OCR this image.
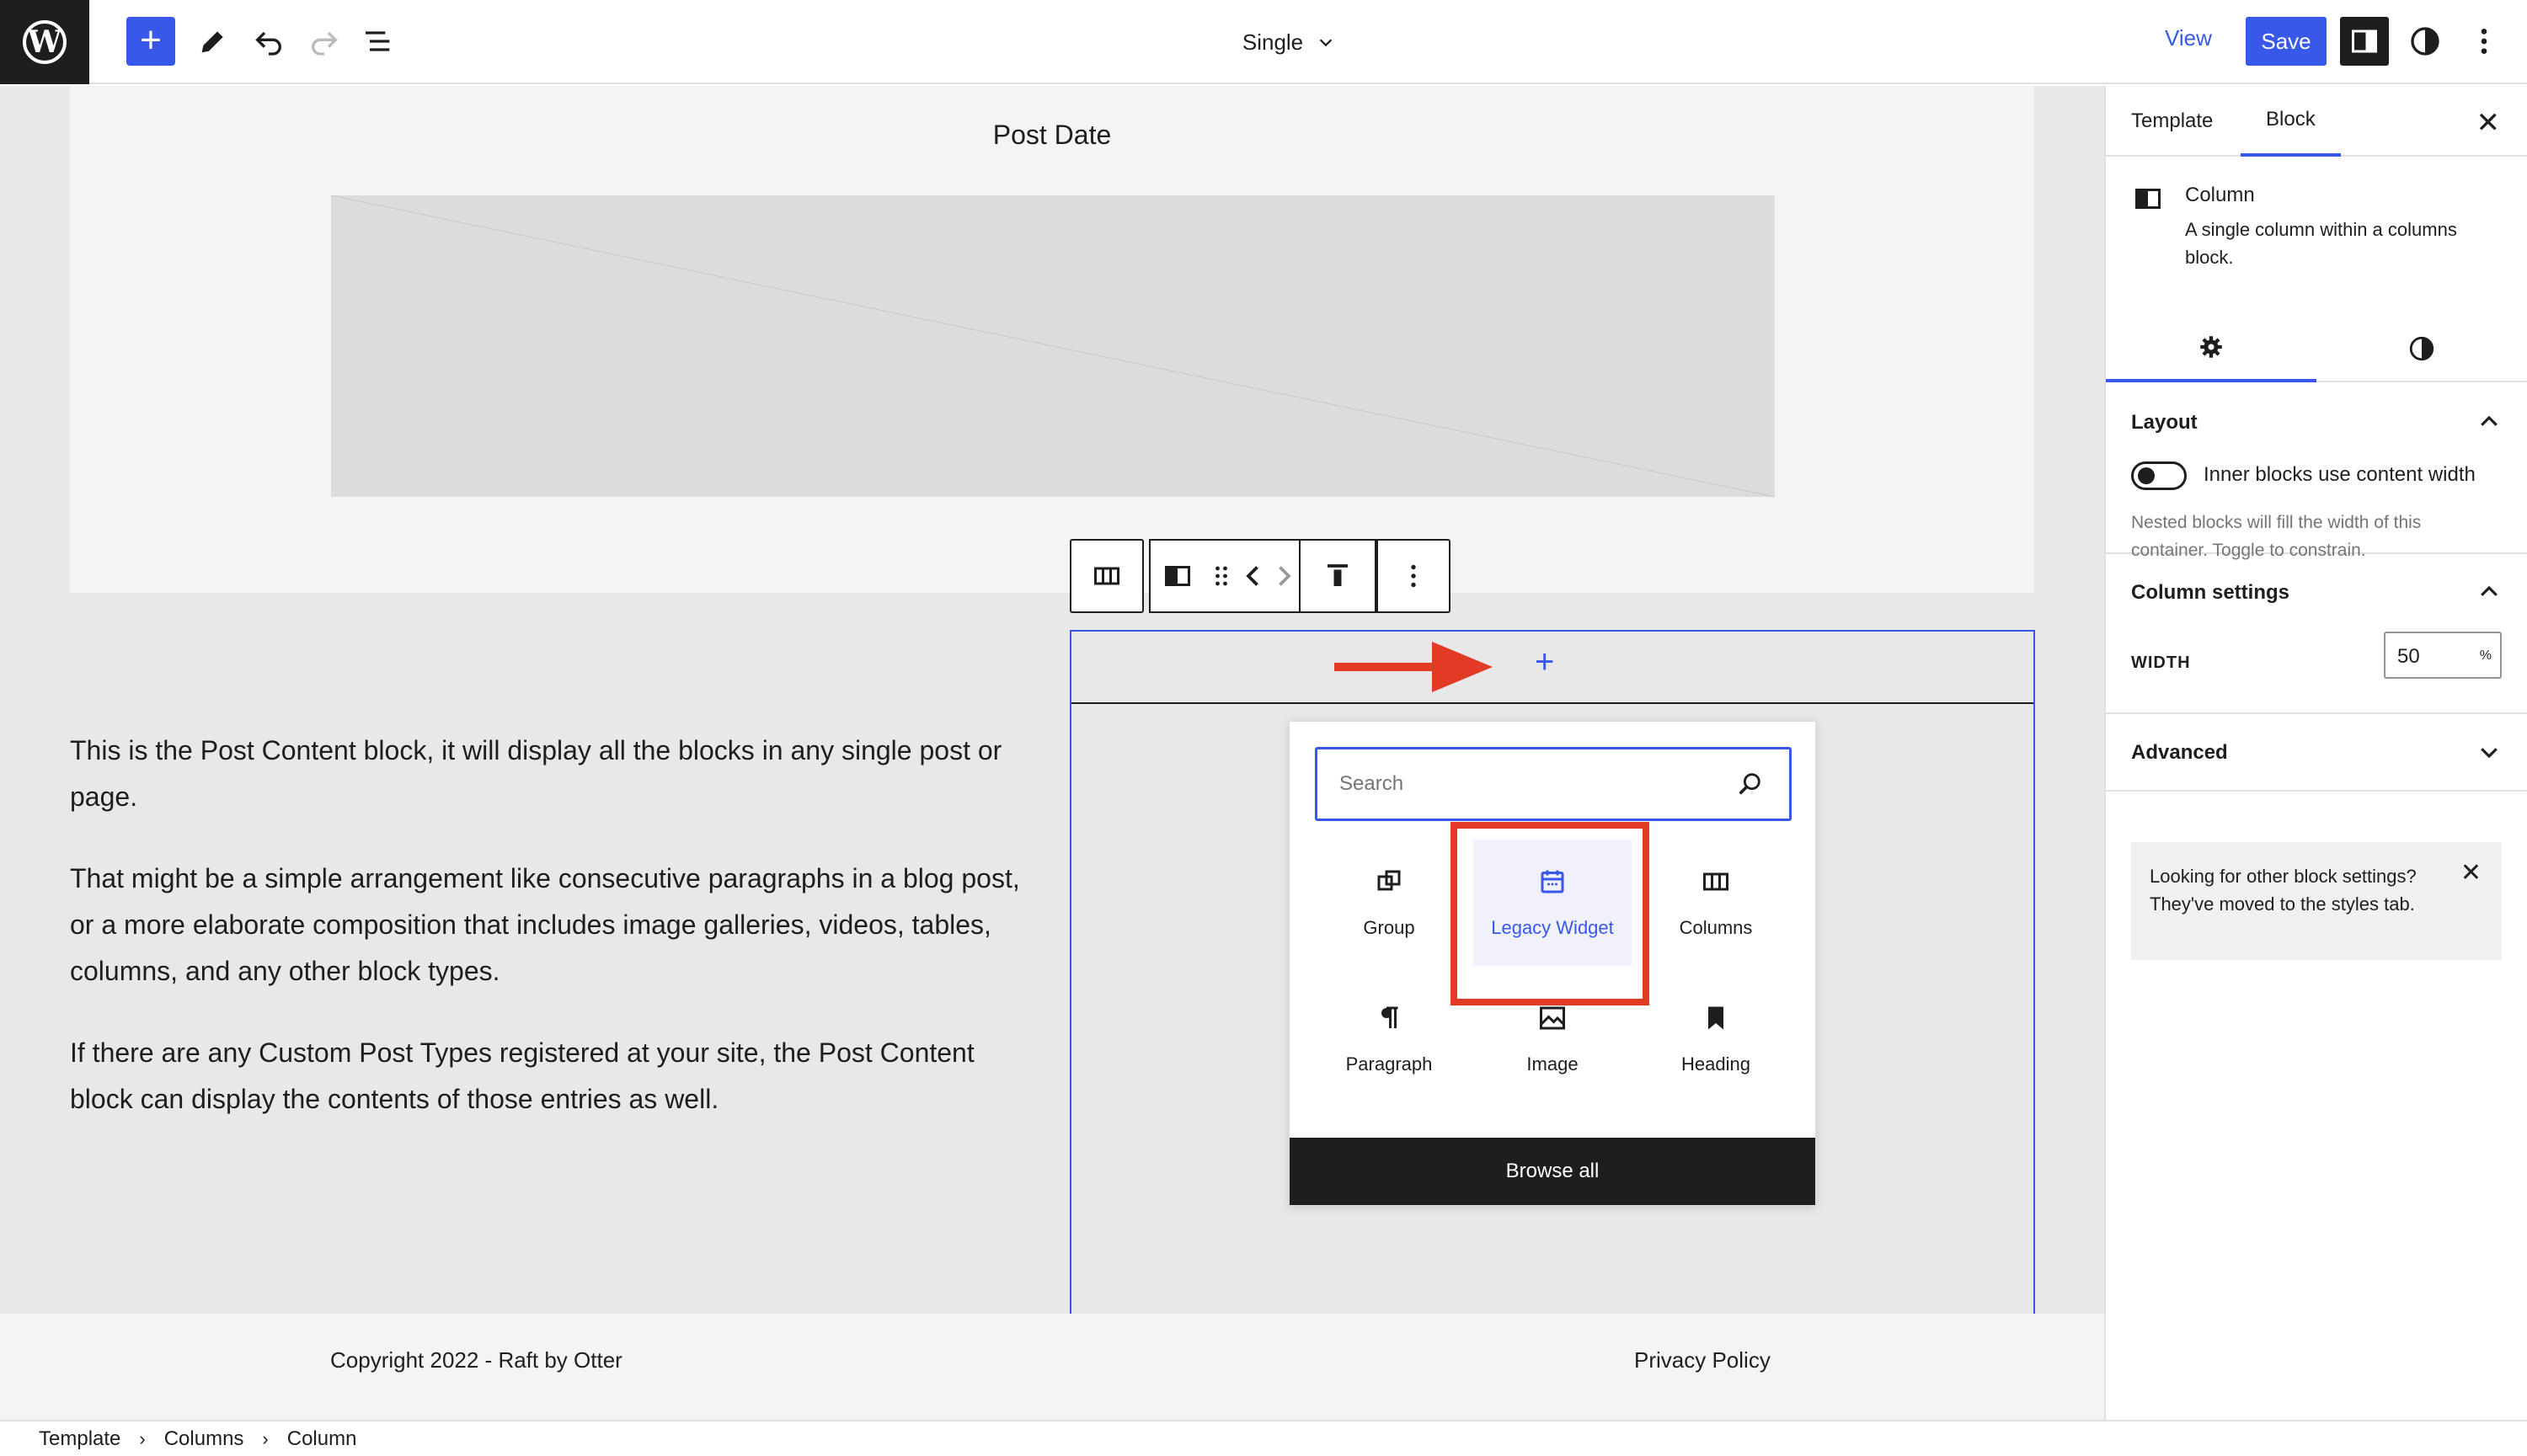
W	+	Single	View	Save
Post Date

This is the Post Content block, it will display all the blocks in any single post or page.

That might be a simple arrangement like consecutive paragraphs in a blog post, or a more elaborate composition that includes image galleries, videos, tables, columns, and any other block types.

If there are any Custom Post Types registered at your site, the Post Content block can display the contents of those entries as well.

+
Search
Group	Legacy Widget	Columns
Paragraph	Image	Heading
Browse all
Copyright 2022 - Raft by Otter	Privacy Policy
Template › Columns › Column
Template	Block	✕
Column
A single column within a columns block.
Layout
Inner blocks use content width
Nested blocks will fill the width of this container. Toggle to constrain.
Column settings
WIDTH	50	%
Advanced
Looking for other block settings? They've moved to the styles tab.
✕
